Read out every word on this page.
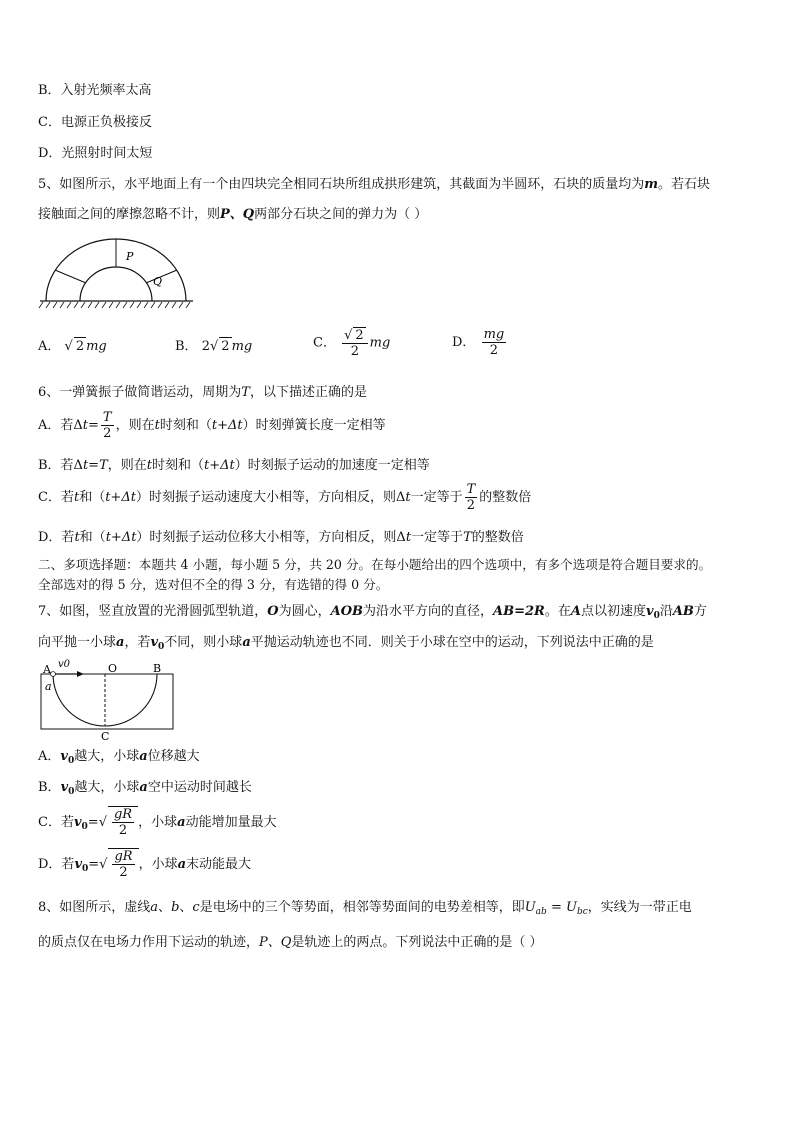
B．入射光频率太高
C．电源正负极接反
D．光照射时间太短
5、如图所示，水平地面上有一个由四块完全相同石块所组成拱形建筑，其截面为半圆环，石块的质量均为m。若石块
接触面之间的摩擦忽略不计，则P、Q两部分石块之间的弹力为（ ）
P
Q
A． √ 2 mg	B． 2 √ 2 mg	C． √ $\frac{2}{2}$ mg	D． $\frac{mg}{2}$
6、一弹簧振子做简谐运动，周期为T，以下描述正确的是
A．若$\Delta t= \frac{T}{2}$ ，则在t时刻和（t+Δt）时刻弹簧长度一定相等
B．若Δt=T，则在t时刻和（t+Δt）时刻振子运动的加速度一定相等
C．若t和（t+Δt）时刻振子运动速度大小相等，方向相反，则Δt一定等于 $\frac{T}{2}$ 的整数倍
D．若t和（t+Δt）时刻振子运动位移大小相等，方向相反，则Δt一定等于T的整数倍
二、多项选择题：本题共 4 小题，每小题 5 分，共 20 分。在每小题给出的四个选项中，有多个选项是符合题目要求的。
全部选对的得 5 分，选对但不全的得 3 分，有选错的得 0 分。
7、如图，竖直放置的光滑圆弧型轨道，O为圆心，AOB为沿水平方向的直径，AB=2R。在A点以初速度$v_0$沿AB方
向平抛一小球a，若$v_0$不同，则小球a平抛运动轨迹也不同．则关于小球在空中的运动，下列说法中正确的是
v0
A	O	B
a
C
A．$v_0$越大，小球a位移越大
B．$v_0$越大，小球a空中运动时间越长
C．若$v_0=$ √ $\frac{gR}{2}$ ，小球a动能增加量最大
D．若$v_0=$ √ $\frac{gR}{2}$ ，小球a末动能最大
8、如图所示，虚线a、b、c是电场中的三个等势面，相邻等势面间的电势差相等，即$U_{ab} = U_{bc}$，实线为一带正电
的质点仅在电场力作用下运动的轨迹，P、Q是轨迹上的两点。下列说法中正确的是（ ）
